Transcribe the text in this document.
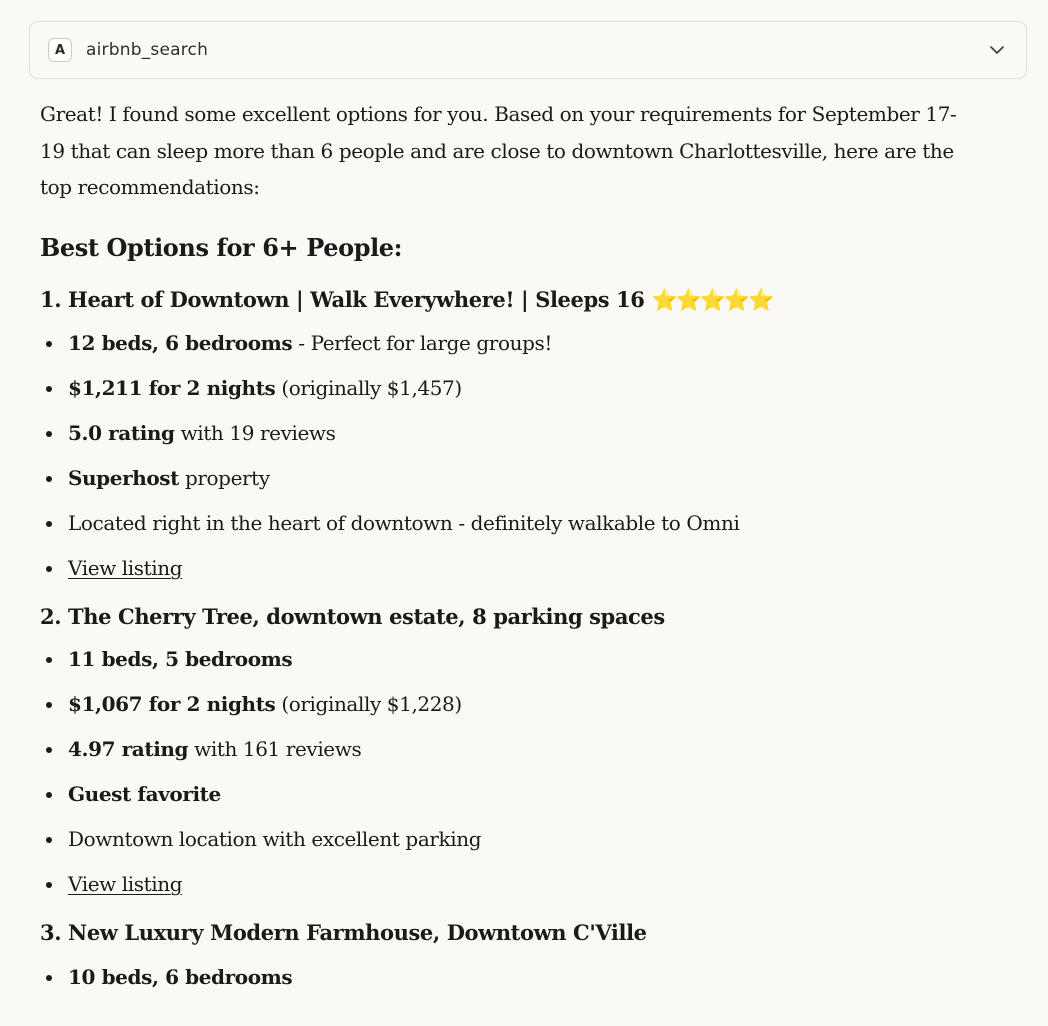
A	airbnb_search

Great! I found some excellent options for you. Based on your requirements for September 17-19 that can sleep more than 6 people and are close to downtown Charlottesville, here are the top recommendations:

Best Options for 6+ People:
1. Heart of Downtown | Walk Everywhere! | Sleeps 16 ⭐⭐⭐⭐⭐
12 beds, 6 bedrooms - Perfect for large groups!
$1,211 for 2 nights (originally $1,457)
5.0 rating with 19 reviews
Superhost property
Located right in the heart of downtown - definitely walkable to Omni
View listing
2. The Cherry Tree, downtown estate, 8 parking spaces
11 beds, 5 bedrooms
$1,067 for 2 nights (originally $1,228)
4.97 rating with 161 reviews
Guest favorite
Downtown location with excellent parking
View listing
3. New Luxury Modern Farmhouse, Downtown C'Ville
10 beds, 6 bedrooms
